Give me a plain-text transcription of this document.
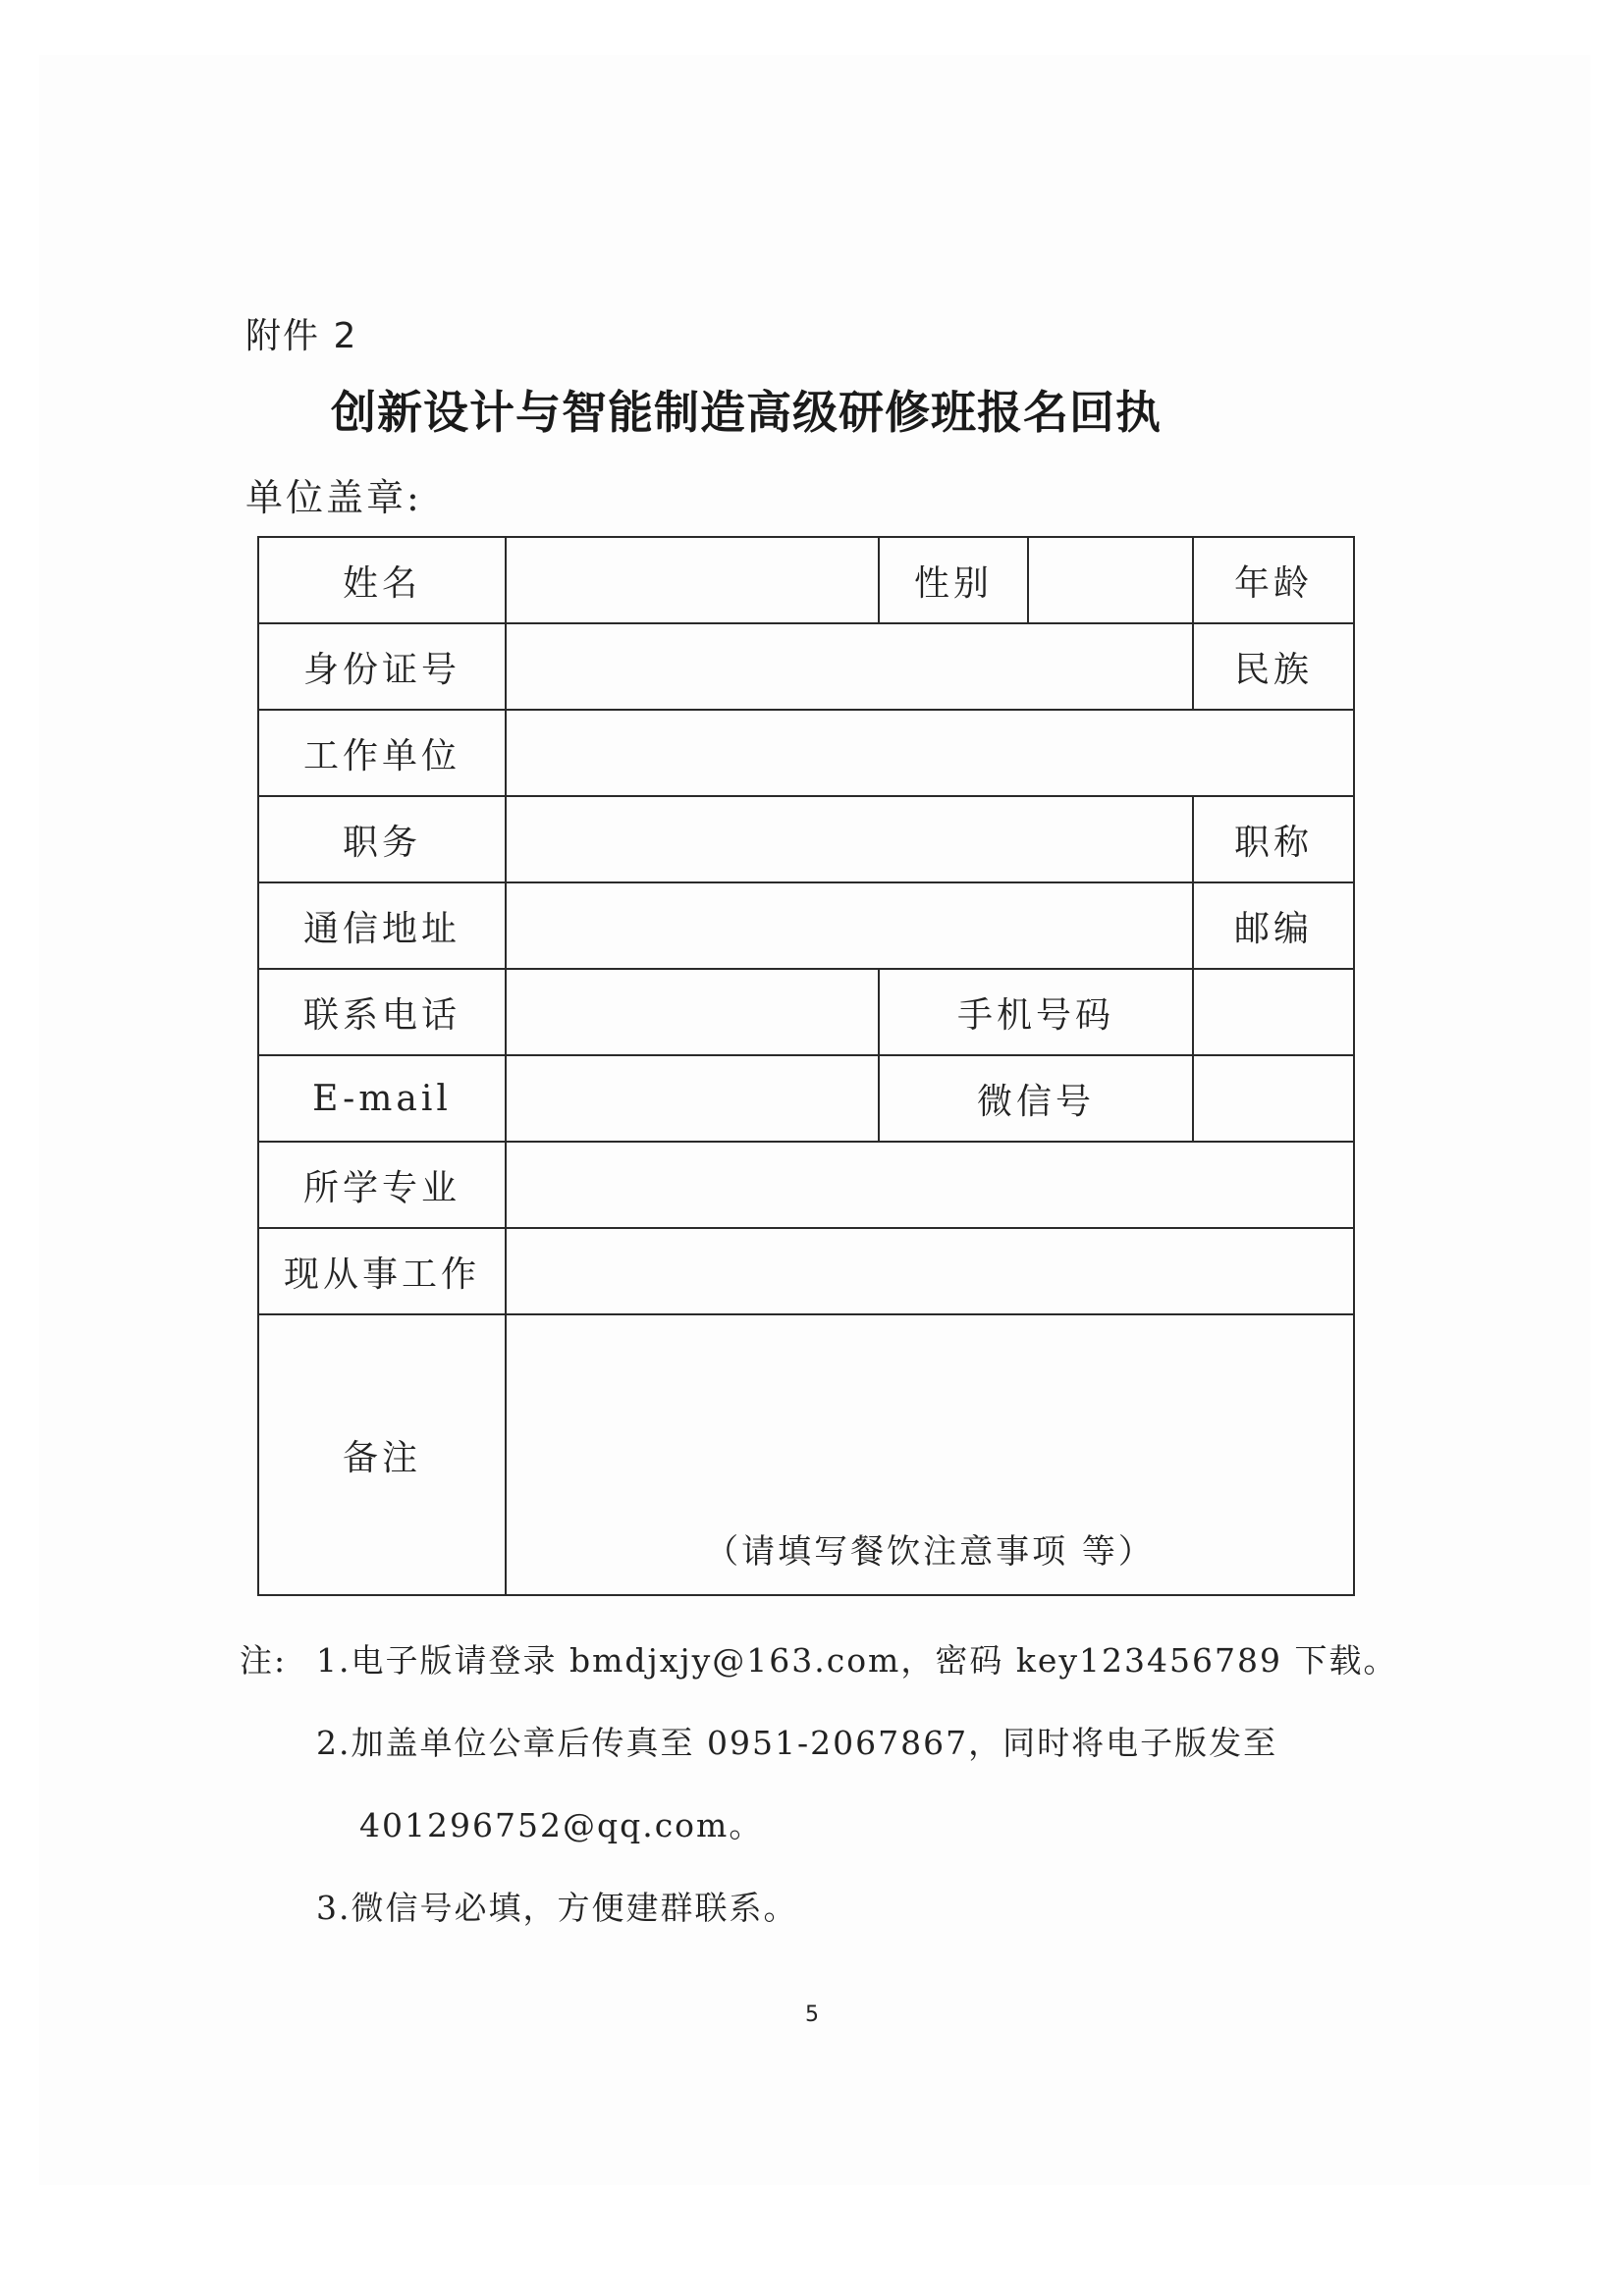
附件 2
创新设计与智能制造高级研修班报名回执
单位盖章:
姓名		性别		年龄
身份证号				民族
工作单位				
职务				职称
通信地址				邮编
联系电话		手机号码		
E-mail		微信号		
所学专业				
现从事工作				
备注	（请填写餐饮注意事项 等）			
注: 1.电子版请登录 bmdjxjy@163.com，密码 key123456789 下载。
2.加盖单位公章后传真至 0951-2067867，同时将电子版发至
401296752@qq.com。
3.微信号必填，方便建群联系。
5
